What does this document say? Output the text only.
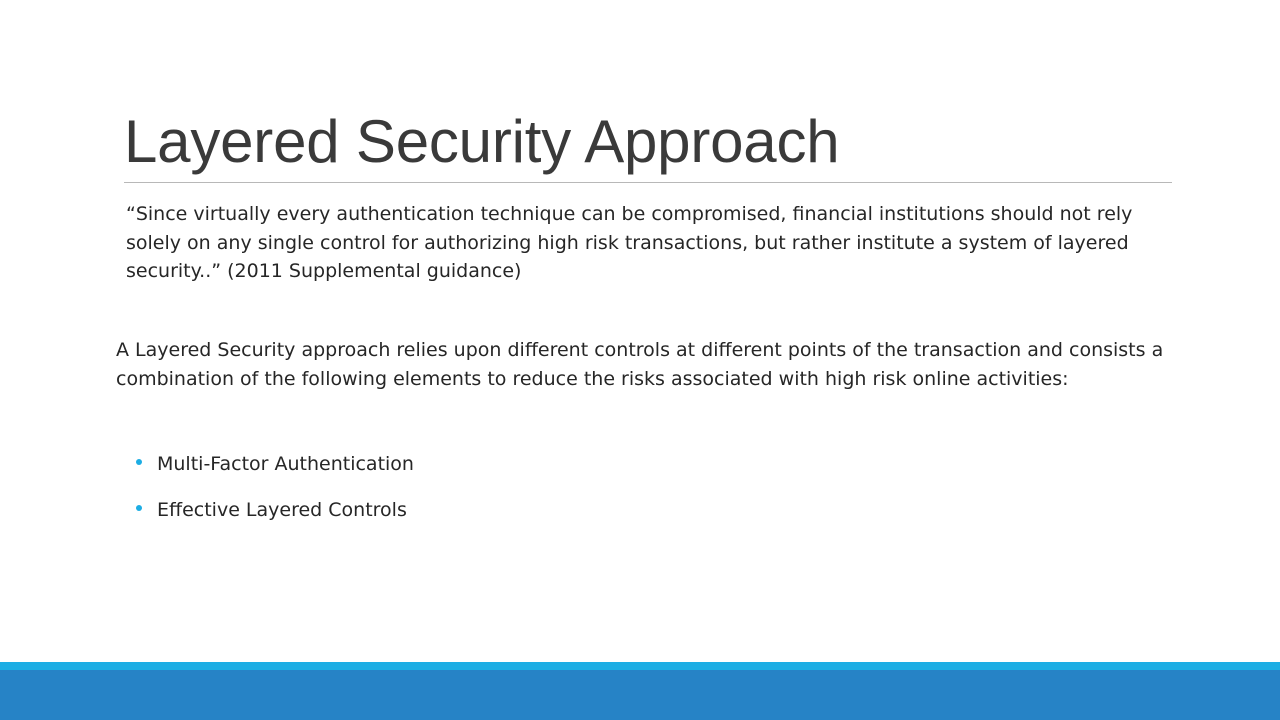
Layered Security Approach
“Since virtually every authentication technique can be compromised, financial institutions should not rely solely on any single control for authorizing high risk transactions, but rather institute a system of layered security..” (2011 Supplemental guidance)
A Layered Security approach relies upon different controls at different points of the transaction and consists a combination of the following elements to reduce the risks associated with high risk online activities:
Multi-Factor Authentication
Effective Layered Controls
